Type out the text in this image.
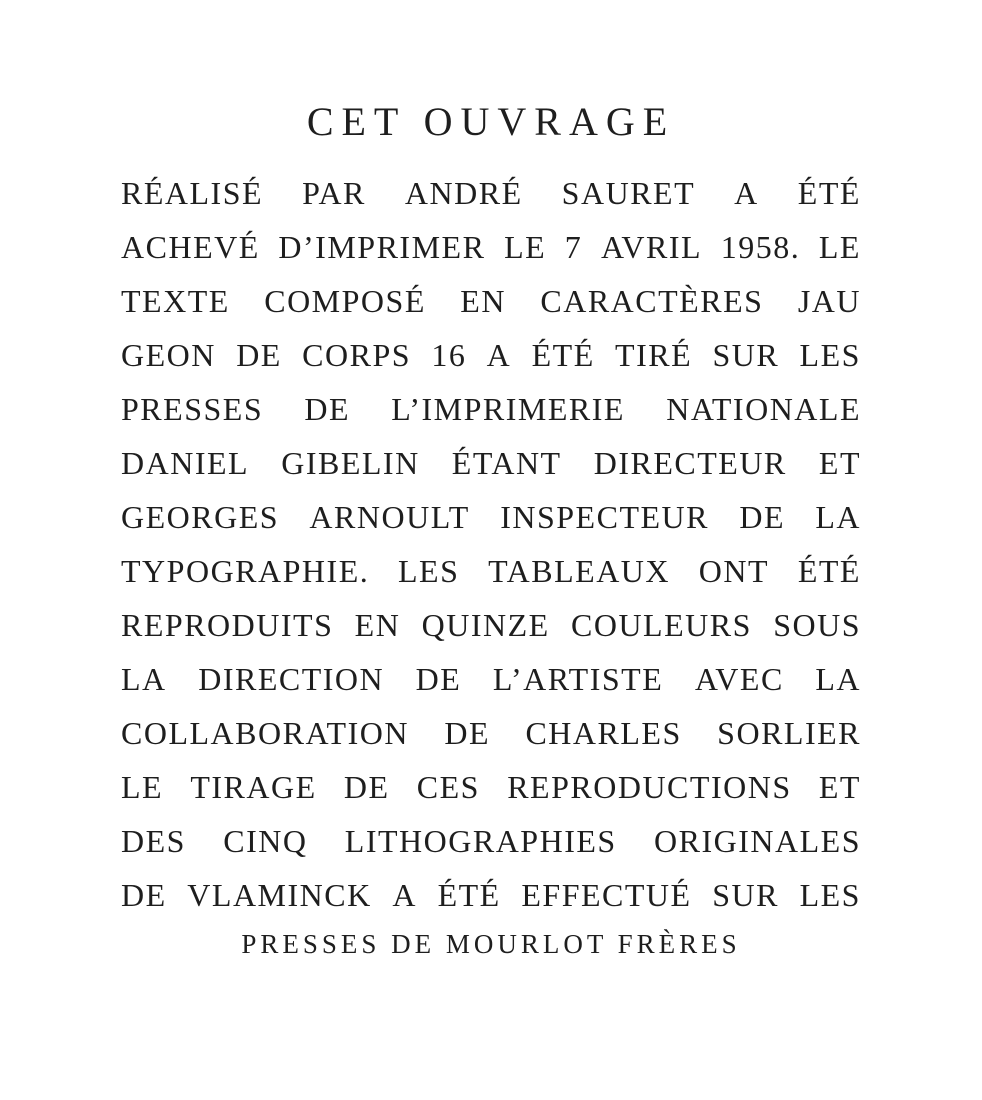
CET OUVRAGE
RÉALISÉ PAR ANDRÉ SAURET A ÉTÉ
ACHEVÉ D’IMPRIMER LE 7 AVRIL 1958. LE
TEXTE COMPOSÉ EN CARACTÈRES JAU
GEON DE CORPS 16 A ÉTÉ TIRÉ SUR LES
PRESSES DE L’IMPRIMERIE NATIONALE
DANIEL GIBELIN ÉTANT DIRECTEUR ET
GEORGES ARNOULT INSPECTEUR DE LA
TYPOGRAPHIE. LES TABLEAUX ONT ÉTÉ
REPRODUITS EN QUINZE COULEURS SOUS
LA DIRECTION DE L’ARTISTE AVEC LA
COLLABORATION DE CHARLES SORLIER
LE TIRAGE DE CES REPRODUCTIONS ET
DES CINQ LITHOGRAPHIES ORIGINALES
DE VLAMINCK A ÉTÉ EFFECTUÉ SUR LES
PRESSES DE MOURLOT FRÈRES
